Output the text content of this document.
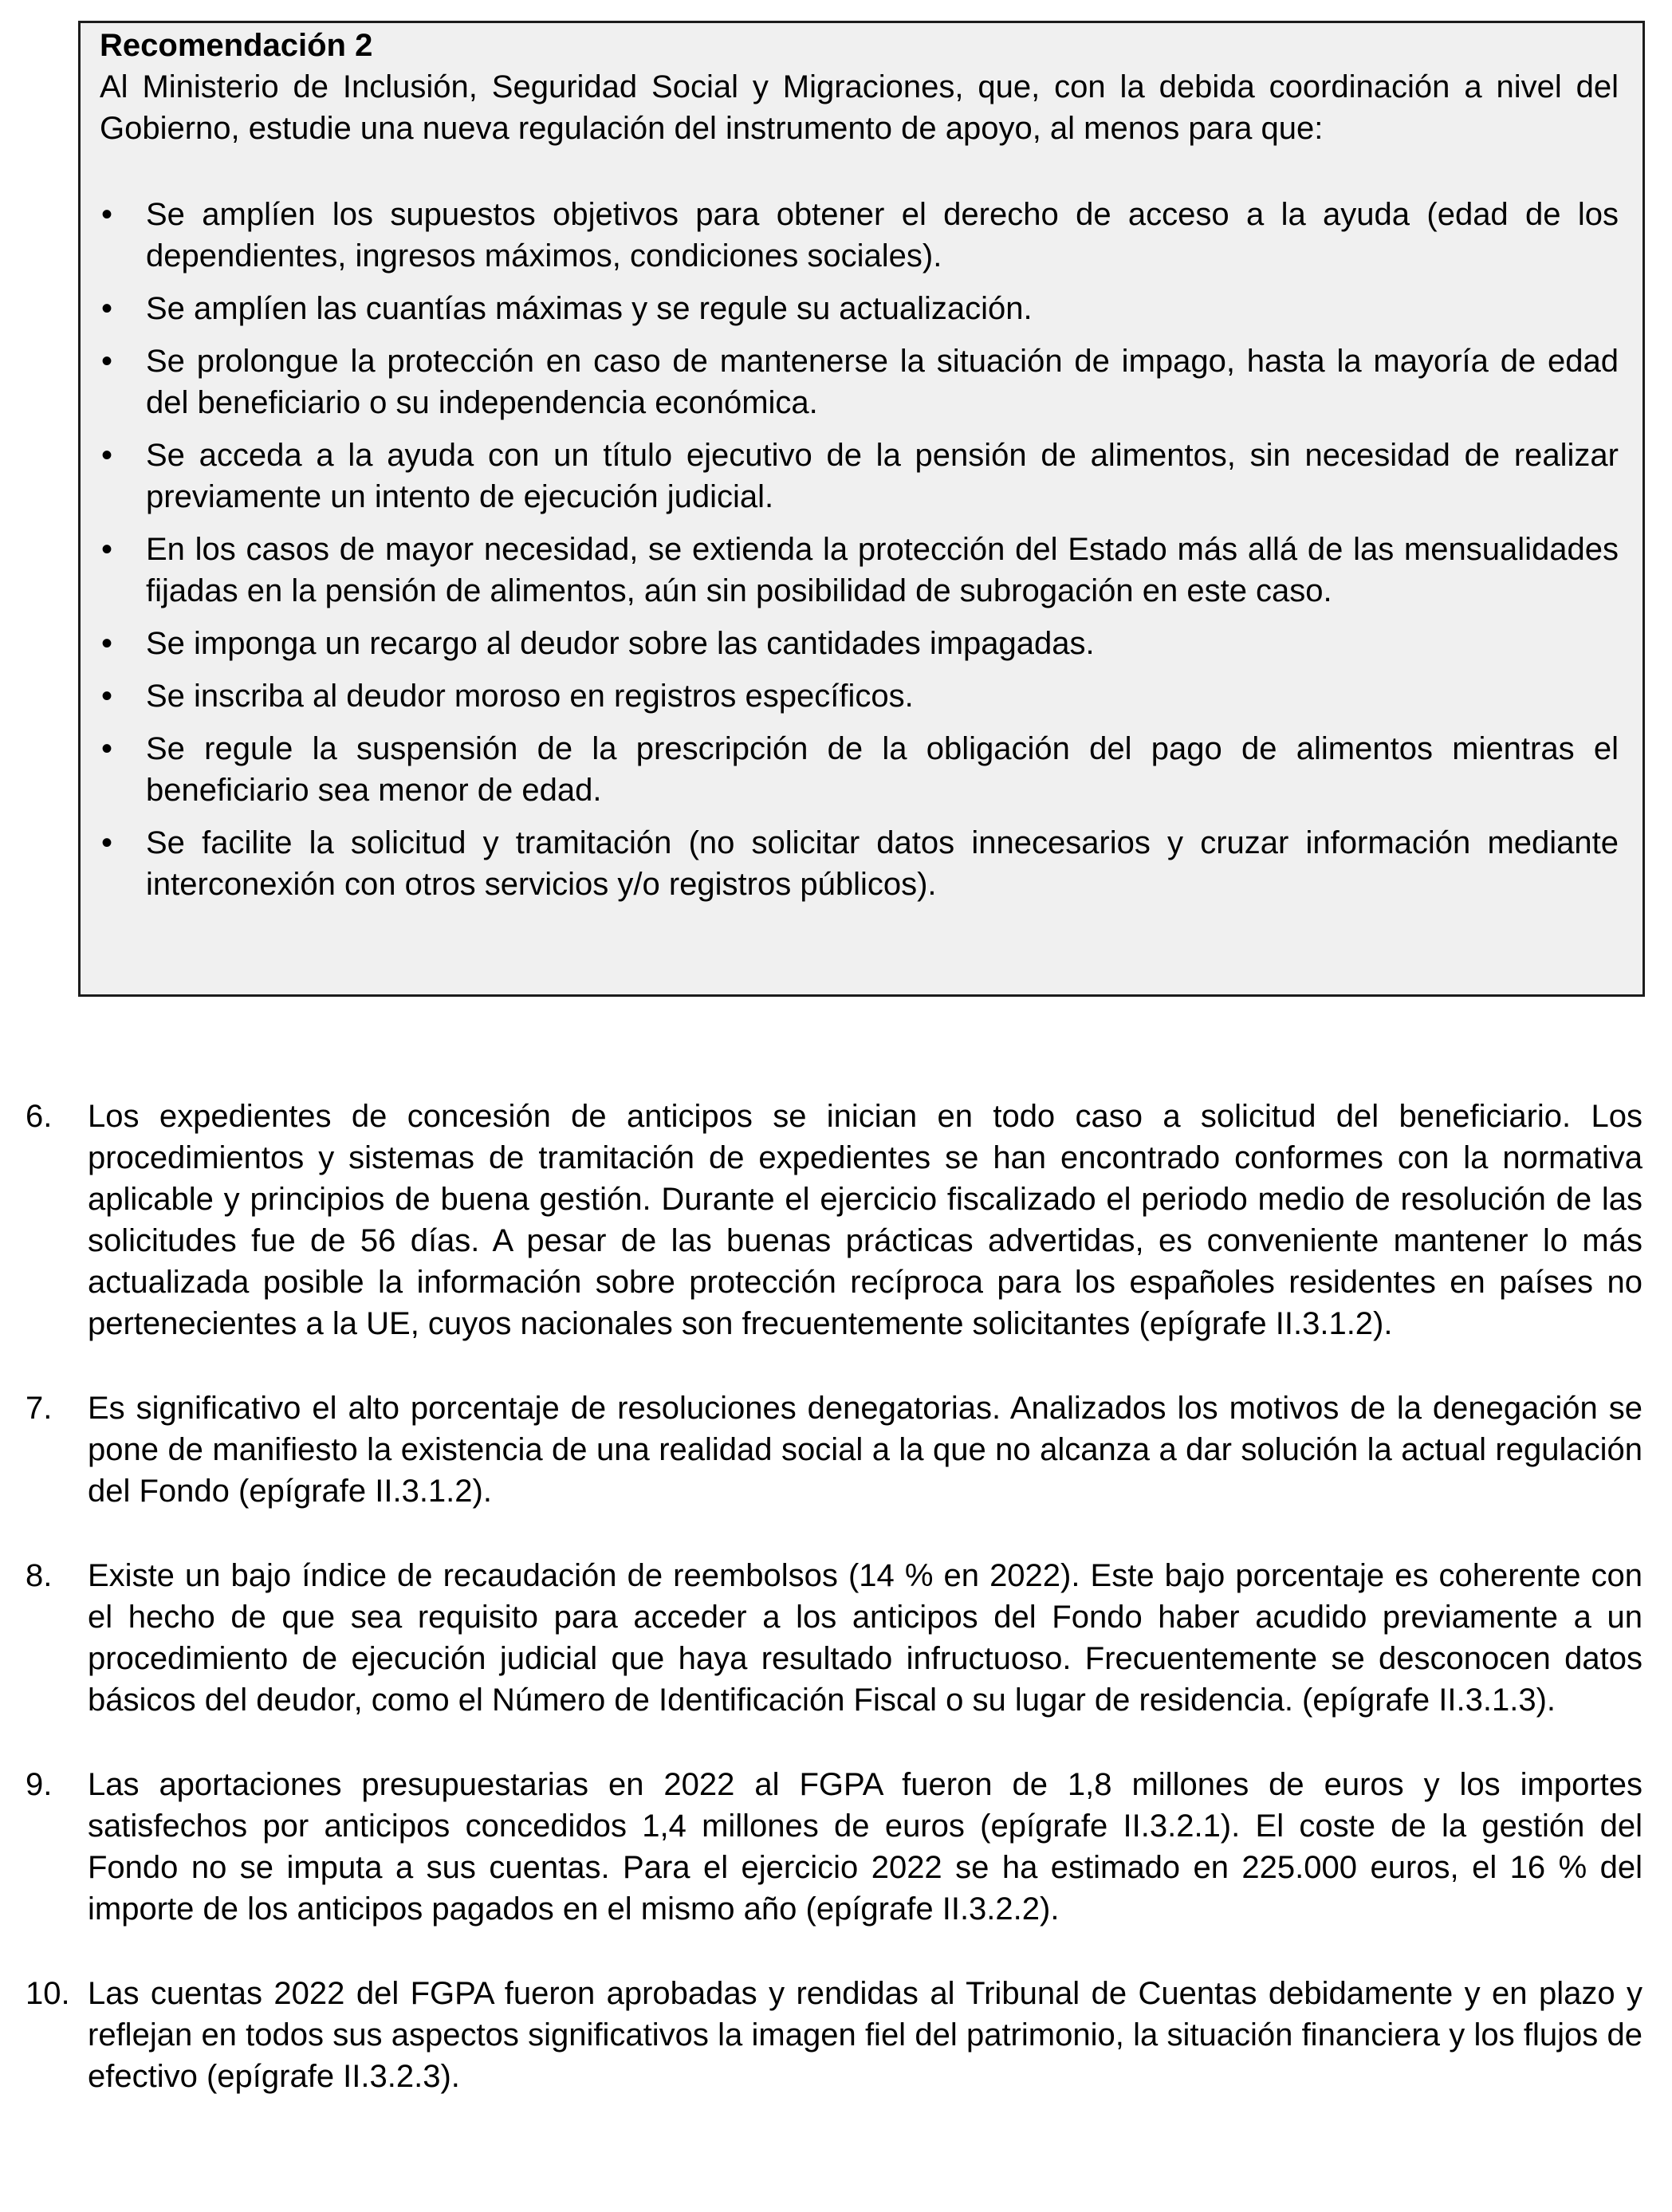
Recomendación 2

Al Ministerio de Inclusión, Seguridad Social y Migraciones, que, con la debida coordinación a nivel del Gobierno, estudie una nueva regulación del instrumento de apoyo, al menos para que:

• Se amplíen los supuestos objetivos para obtener el derecho de acceso a la ayuda (edad de los dependientes, ingresos máximos, condiciones sociales).
• Se amplíen las cuantías máximas y se regule su actualización.
• Se prolongue la protección en caso de mantenerse la situación de impago, hasta la mayoría de edad del beneficiario o su independencia económica.
• Se acceda a la ayuda con un título ejecutivo de la pensión de alimentos, sin necesidad de realizar previamente un intento de ejecución judicial.
• En los casos de mayor necesidad, se extienda la protección del Estado más allá de las mensualidades fijadas en la pensión de alimentos, aún sin posibilidad de subrogación en este caso.
• Se imponga un recargo al deudor sobre las cantidades impagadas.
• Se inscriba al deudor moroso en registros específicos.
• Se regule la suspensión de la prescripción de la obligación del pago de alimentos mientras el beneficiario sea menor de edad.
• Se facilite la solicitud y tramitación (no solicitar datos innecesarios y cruzar información mediante interconexión con otros servicios y/o registros públicos).
6. Los expedientes de concesión de anticipos se inician en todo caso a solicitud del beneficiario. Los procedimientos y sistemas de tramitación de expedientes se han encontrado conformes con la normativa aplicable y principios de buena gestión. Durante el ejercicio fiscalizado el periodo medio de resolución de las solicitudes fue de 56 días. A pesar de las buenas prácticas advertidas, es conveniente mantener lo más actualizada posible la información sobre protección recíproca para los españoles residentes en países no pertenecientes a la UE, cuyos nacionales son frecuentemente solicitantes (epígrafe II.3.1.2).
7. Es significativo el alto porcentaje de resoluciones denegatorias. Analizados los motivos de la denegación se pone de manifiesto la existencia de una realidad social a la que no alcanza a dar solución la actual regulación del Fondo (epígrafe II.3.1.2).
8. Existe un bajo índice de recaudación de reembolsos (14 % en 2022). Este bajo porcentaje es coherente con el hecho de que sea requisito para acceder a los anticipos del Fondo haber acudido previamente a un procedimiento de ejecución judicial que haya resultado infructuoso. Frecuentemente se desconocen datos básicos del deudor, como el Número de Identificación Fiscal o su lugar de residencia. (epígrafe II.3.1.3).
9. Las aportaciones presupuestarias en 2022 al FGPA fueron de 1,8 millones de euros y los importes satisfechos por anticipos concedidos 1,4 millones de euros (epígrafe II.3.2.1). El coste de la gestión del Fondo no se imputa a sus cuentas. Para el ejercicio 2022 se ha estimado en 225.000 euros, el 16 % del importe de los anticipos pagados en el mismo año (epígrafe II.3.2.2).
10. Las cuentas 2022 del FGPA fueron aprobadas y rendidas al Tribunal de Cuentas debidamente y en plazo y reflejan en todos sus aspectos significativos la imagen fiel del patrimonio, la situación financiera y los flujos de efectivo (epígrafe II.3.2.3).
